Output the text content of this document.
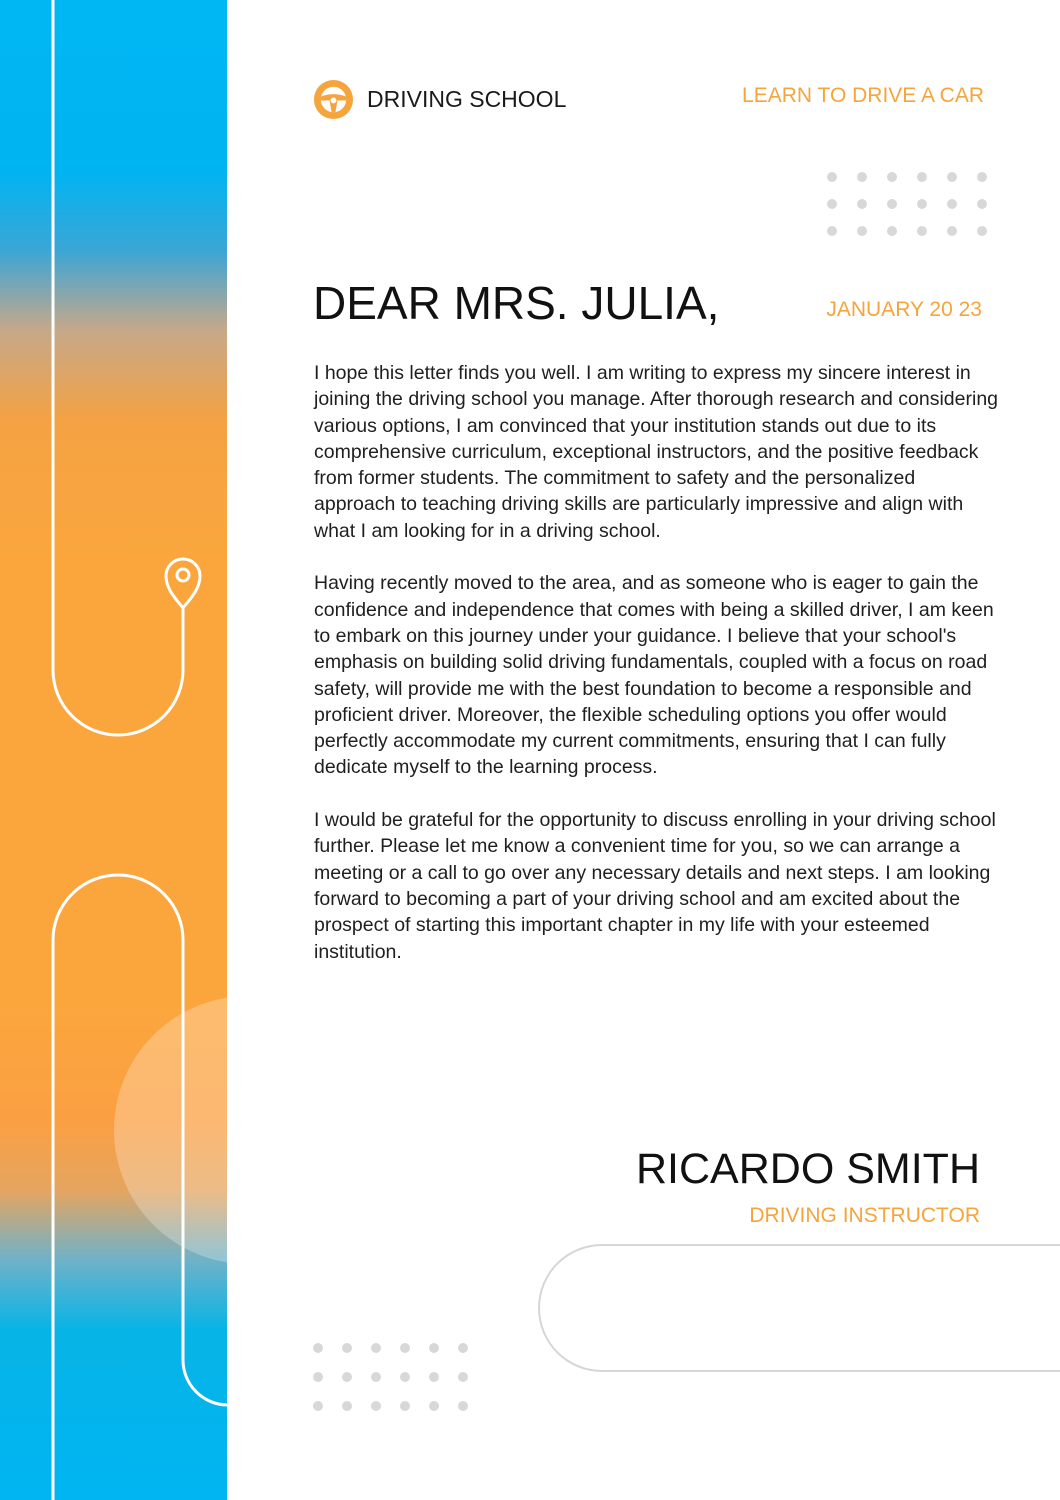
DRIVING SCHOOL	LEARN TO DRIVE A CAR
DEAR MRS. JULIA,	JANUARY 20 23

I hope this letter finds you well. I am writing to express my sincere interest in joining the driving school you manage. After thorough research and considering various options, I am convinced that your institution stands out due to its comprehensive curriculum, exceptional instructors, and the positive feedback from former students. The commitment to safety and the personalized approach to teaching driving skills are particularly impressive and align with what I am looking for in a driving school.

Having recently moved to the area, and as someone who is eager to gain the confidence and independence that comes with being a skilled driver, I am keen to embark on this journey under your guidance. I believe that your school's emphasis on building solid driving fundamentals, coupled with a focus on road safety, will provide me with the best foundation to become a responsible and proficient driver. Moreover, the flexible scheduling options you offer would perfectly accommodate my current commitments, ensuring that I can fully dedicate myself to the learning process.

I would be grateful for the opportunity to discuss enrolling in your driving school further. Please let me know a convenient time for you, so we can arrange a meeting or a call to go over any necessary details and next steps. I am looking forward to becoming a part of your driving school and am excited about the prospect of starting this important chapter in my life with your esteemed institution.

RICARDO SMITH
DRIVING INSTRUCTOR
